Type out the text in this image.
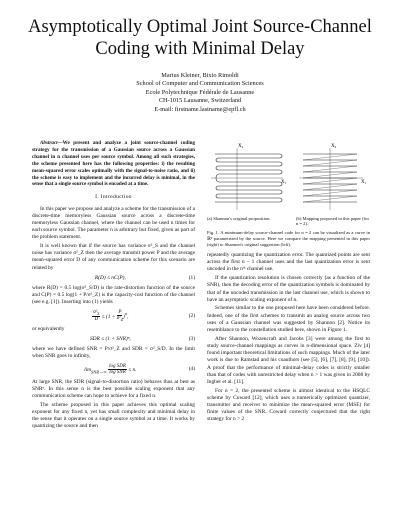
Asymptotically Optimal Joint Source-Channel Coding with Minimal Delay
Marius Kleiner, Bixio Rimoldi
School of Computer and Communication Sciences
Ecole Polytechnique Fédérale de Lausanne
CH-1015 Lausanne, Switzerland
E-mail: firstname.lastname@epfl.ch

Abstract—We present and analyze a joint source-channel coding strategy for the transmission of a Gaussian source across a Gaussian channel in n channel uses per source symbol. Among all such strategies, the scheme presented here has the following properties: i) the resulting mean-squared error scales optimally with the signal-to-noise ratio, and ii) the scheme is easy to implement and the incurred delay is minimal, in the sense that a single source symbol is encoded at a time.

I. Introduction

In this paper we propose and analyze a scheme for the transmission of a discrete-time memoryless Gaussian source across a discrete-time memoryless Gaussian channel, where the channel can be used n times for each source symbol. The parameter n is arbitrary but fixed, given as part of the problem statement.

It is well known that if the source has variance σ²_S and the channel noise has variance σ²_Z then the average transmit power P and the average mean-squared error D of any communication scheme for this scenario are related by

R(D) ≤ nC(P),	(1)

where R(D) = 0.5 log(σ²_S/D) is the rate-distortion function of the source and C(P) = 0.5 log(1 + P/σ²_Z) is the capacity-cost function of the channel (see e.g. [1]). Inserting into (1) yields

$\frac{\sigma^2_S}{D} \le (1 + \frac{P}{\sigma^2_Z} )^n$,	(2)

or equivalently

SDR ≤ (1 + SNR)ⁿ,	(3)

where we have defined SNR = P/σ²_Z and SDR = σ²_S/D. In the limit when SNR goes to infinity,

$\lim_{SNR\to\infty} \frac{\text{log SDR}}{\text{log SNR}} \le n$.	(4)

At large SNR, the SDR (signal-to-distortion ratio) behaves thus at best as SNRⁿ. In this sense n is the best possible scaling exponent that any communication scheme can hope to achieve for a fixed n.

The scheme proposed in this paper achieves this optimal scaling exponent for any fixed n, yet has small complexity and minimal delay in the sense that it operates on a single source symbol at a time. It works by quantizing the source and then

X₂
X₁
X₂
X₁
(a) Shannon's original proposition.	(b) Mapping proposed in this paper (for n = 2).
Fig. 1. A minimum-delay source-channel code for n = 2 can be visualized as a curve in ℝ² parametrized by the source. Here we compare the mapping presented in this paper (right) to Shannon's original suggestion (left).

repeatedly quantizing the quantization error. The quantized points are sent across the first n − 1 channel uses and the last quantization error is sent uncoded in the nᵗʰ channel use.

If the quantization resolution is chosen correctly (as a function of the SNR), then the decoding error of the quantization symbols is dominated by that of the uncoded transmission in the last channel use, which is shown to have an asymptotic scaling exponent of n.

Schemes similar to the one proposed here have been considered before. Indeed, one of the first schemes to transmit an analog source across two uses of a Gaussian channel was suggested by Shannon [2]. Notice its resemblance to the constellation studied here, shown in Figure 1.

After Shannon, Wozencraft and Jacobs [3] were among the first to study source-channel mappings as curves in n-dimensional space. Ziv [4] found important theoretical limitations of such mappings. Much of the later work is due to Ramstad and his coauthors (see [5], [6], [7], [8], [9], [10]). A proof that the performance of minimal-delay codes is strictly smaller than that of codes with unrestricted delay when n > 1 was given in 2008 by Ingber et al. [11].

For n = 2, the presented scheme is almost identical to the HSQLC scheme by Coward [12], which uses a numerically optimized quantizer, transmitter and receiver to minimize the mean-squared error (MSE) for finite values of the SNR. Coward correctly conjectured that the right strategy for n > 2
